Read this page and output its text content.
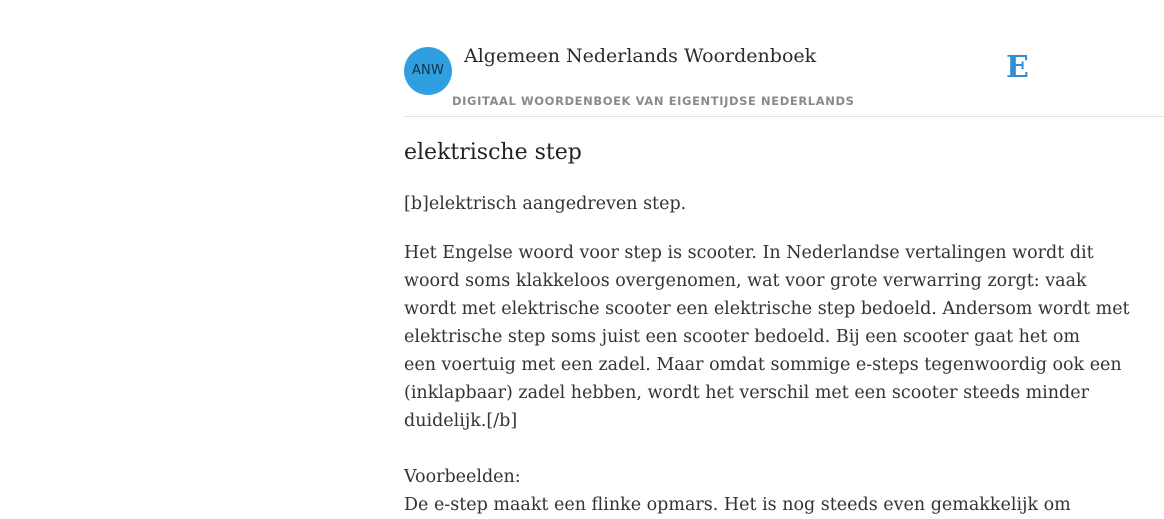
ANW
Algemeen Nederlands Woordenboek
DIGITAAL WOORDENBOEK VAN EIGENTIJDSE NEDERLANDS
E
elektrische step

[b]elektrisch aangedreven step.

Het Engelse woord voor step is scooter. In Nederlandse vertalingen wordt dit
woord soms klakkeloos overgenomen, wat voor grote verwarring zorgt: vaak
wordt met elektrische scooter een elektrische step bedoeld. Andersom wordt met
elektrische step soms juist een scooter bedoeld. Bij een scooter gaat het om
een voertuig met een zadel. Maar omdat sommige e-steps tegenwoordig ook een
(inklapbaar) zadel hebben, wordt het verschil met een scooter steeds minder
duidelijk.[/b]
Voorbeelden:
De e-step maakt een flinke opmars. Het is nog steeds even gemakkelijk om
